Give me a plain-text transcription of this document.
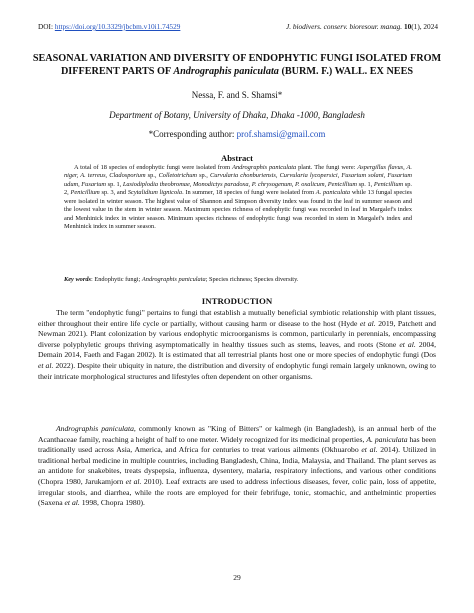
DOI: https://doi.org/10.3329/jbcbm.v10i1.74529	J. biodivers. conserv. bioresour. manag. 10(1), 2024
SEASONAL VARIATION AND DIVERSITY OF ENDOPHYTIC FUNGI ISOLATED FROM DIFFERENT PARTS OF Andrographis paniculata (BURM. F.) WALL. EX NEES
Nessa, F. and S. Shamsi*
Department of Botany, University of Dhaka, Dhaka -1000, Bangladesh
*Corresponding author: prof.shamsi@gmail.com
Abstract
A total of 18 species of endophytic fungi were isolated from Andrographis paniculata plant. The fungi were: Aspergillus flavus, A. niger, A. terreus, Cladosporium sp., Colletotrichum sp., Curvularia chonburiensis, Curvularia lycopersici, Fusarium solani, Fusarium udum, Fusarium sp. 1, Lasiodiplodia theobromae, Monodictys paradoxa, P. chrysogenum, P. oxalicum, Penicillium sp. 1, Penicillium sp. 2, Penicillium sp. 3, and Scytalidium lignicola. In summer, 18 species of fungi were isolated from A. paniculata while 13 fungal species were isolated in winter season. The highest value of Shannon and Simpson diversity index was found in the leaf in summer season and the lowest value in the stem in winter season. Maximum species richness of endophytic fungi was recorded in leaf in Margalef's index and Menhinick index in winter season. Minimum species richness of endophytic fungi was recorded in stem in Margalef's index and Menhinick index in summer season.
Key words: Endophytic fungi; Andrographis paniculata; Species richness; Species diversity.
INTRODUCTION
The term "endophytic fungi" pertains to fungi that establish a mutually beneficial symbiotic relationship with plant tissues, either throughout their entire life cycle or partially, without causing harm or disease to the host (Hyde et al. 2019, Patchett and Newman 2021). Plant colonization by various endophytic microorganisms is common, particularly in perennials, encompassing diverse polyphyletic groups thriving asymptomatically in healthy tissues such as stems, leaves, and roots (Stone et al. 2004, Demain 2014, Faeth and Fagan 2002). It is estimated that all terrestrial plants host one or more species of endophytic fungi (Dos et al. 2022). Despite their ubiquity in nature, the distribution and diversity of endophytic fungi remain largely unknown, owing to their intricate morphological structures and lifestyles often dependent on other organisms.
Andrographis paniculata, commonly known as "King of Bitters" or kalmegh (in Bangladesh), is an annual herb of the Acanthaceae family, reaching a height of half to one meter. Widely recognized for its medicinal properties, A. paniculata has been traditionally used across Asia, America, and Africa for centuries to treat various ailments (Okhuarobo et al. 2014). Utilized in traditional herbal medicine in multiple countries, including Bangladesh, China, India, Malaysia, and Thailand. The plant serves as an antidote for snakebites, treats dyspepsia, influenza, dysentery, malaria, respiratory infections, and various other conditions (Chopra 1980, Jarukamjorn et al. 2010). Leaf extracts are used to address infectious diseases, fever, colic pain, loss of appetite, irregular stools, and diarrhea, while the roots are employed for their febrifuge, tonic, stomachic, and anthelmintic properties (Saxena et al. 1998, Chopra 1980).
29
